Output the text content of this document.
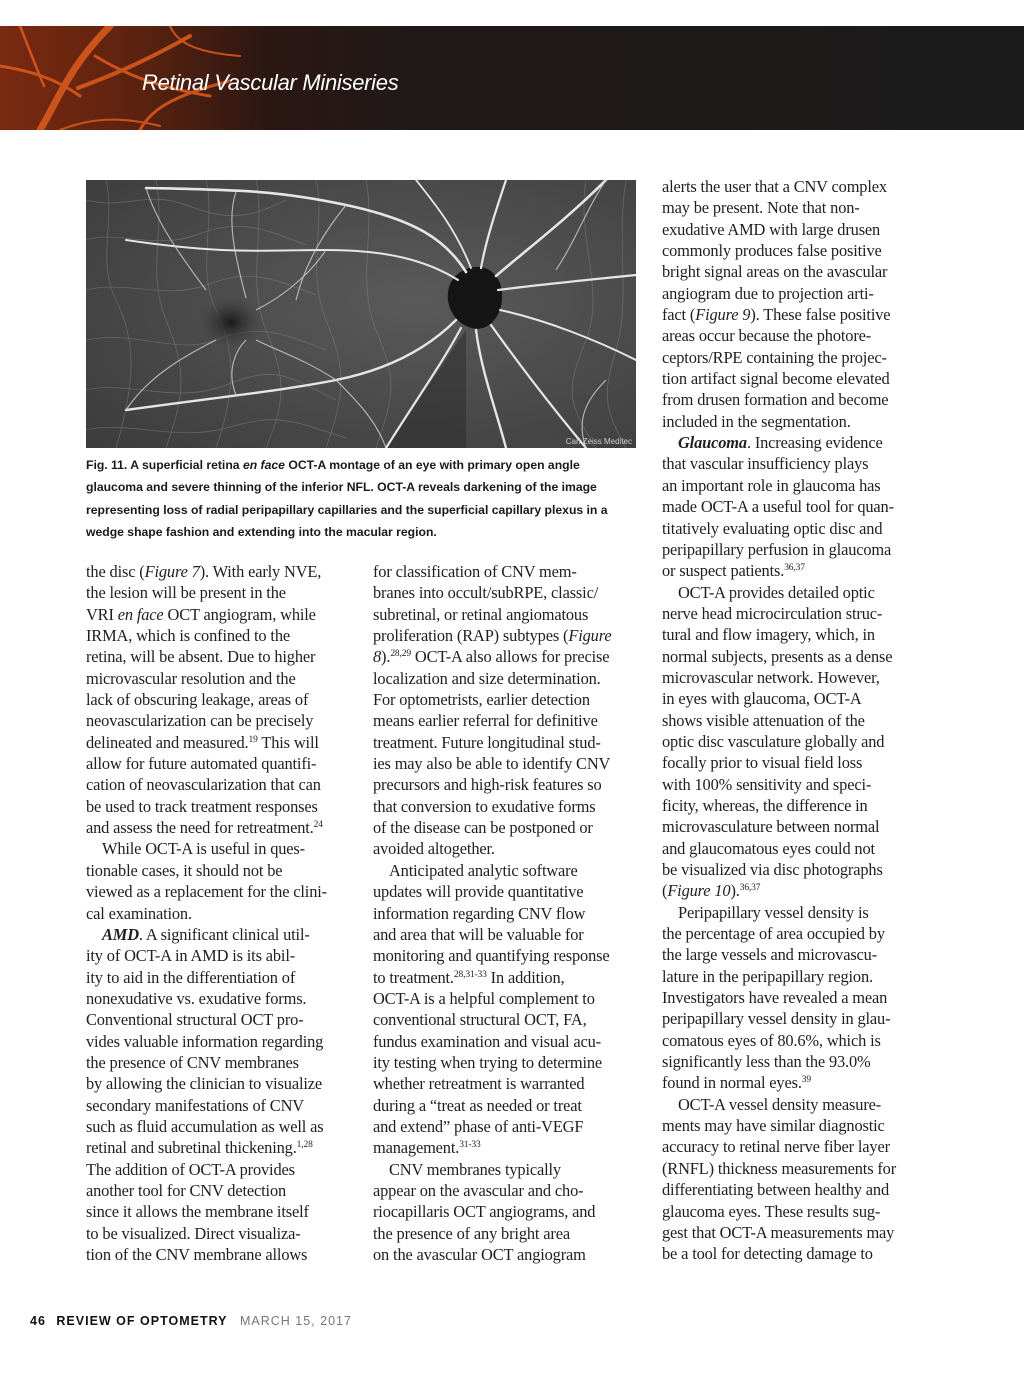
Retinal Vascular Miniseries
Carl Zeiss Meditec
Fig. 11. A superficial retina en face OCT-A montage of an eye with primary open angle glaucoma and severe thinning of the inferior NFL. OCT-A reveals darkening of the image representing loss of radial peripapillary capillaries and the superficial capillary plexus in a wedge shape fashion and extending into the macular region.
the disc (Figure 7). With early NVE,
the lesion will be present in the
VRI en face OCT angiogram, while
IRMA, which is confined to the
retina, will be absent. Due to higher
microvascular resolution and the
lack of obscuring leakage, areas of
neovascularization can be precisely
delineated and measured.$^{19}$ This will
allow for future automated quantifi-
cation of neovascularization that can
be used to track treatment responses
and assess the need for retreatment.$^{24}$
While OCT-A is useful in ques-
tionable cases, it should not be
viewed as a replacement for the clini-
cal examination.
AMD. A significant clinical util-
ity of OCT-A in AMD is its abil-
ity to aid in the differentiation of
nonexudative vs. exudative forms.
Conventional structural OCT pro-
vides valuable information regarding
the presence of CNV membranes
by allowing the clinician to visualize
secondary manifestations of CNV
such as fluid accumulation as well as
retinal and subretinal thickening.$^{1,28}$
The addition of OCT-A provides
another tool for CNV detection
since it allows the membrane itself
to be visualized. Direct visualiza-
tion of the CNV membrane allows
for classification of CNV mem-
branes into occult/subRPE, classic/
subretinal, or retinal angiomatous
proliferation (RAP) subtypes (Figure
8).$^{28,29}$ OCT-A also allows for precise
localization and size determination.
For optometrists, earlier detection
means earlier referral for definitive
treatment. Future longitudinal stud-
ies may also be able to identify CNV
precursors and high-risk features so
that conversion to exudative forms
of the disease can be postponed or
avoided altogether.
Anticipated analytic software
updates will provide quantitative
information regarding CNV flow
and area that will be valuable for
monitoring and quantifying response
to treatment.$^{28,31-33}$ In addition,
OCT-A is a helpful complement to
conventional structural OCT, FA,
fundus examination and visual acu-
ity testing when trying to determine
whether retreatment is warranted
during a “treat as needed or treat
and extend” phase of anti-VEGF
management.$^{31-33}$
CNV membranes typically
appear on the avascular and cho-
riocapillaris OCT angiograms, and
the presence of any bright area
on the avascular OCT angiogram
alerts the user that a CNV complex
may be present. Note that non-
exudative AMD with large drusen
commonly produces false positive
bright signal areas on the avascular
angiogram due to projection arti-
fact (Figure 9). These false positive
areas occur because the photore-
ceptors/RPE containing the projec-
tion artifact signal become elevated
from drusen formation and become
included in the segmentation.
Glaucoma. Increasing evidence
that vascular insufficiency plays
an important role in glaucoma has
made OCT-A a useful tool for quan-
titatively evaluating optic disc and
peripapillary perfusion in glaucoma
or suspect patients.$^{36,37}$
OCT-A provides detailed optic
nerve head microcirculation struc-
tural and flow imagery, which, in
normal subjects, presents as a dense
microvascular network. However,
in eyes with glaucoma, OCT-A
shows visible attenuation of the
optic disc vasculature globally and
focally prior to visual field loss
with 100% sensitivity and speci-
ficity, whereas, the difference in
microvasculature between normal
and glaucomatous eyes could not
be visualized via disc photographs
(Figure 10).$^{36,37}$
Peripapillary vessel density is
the percentage of area occupied by
the large vessels and microvascu-
lature in the peripapillary region.
Investigators have revealed a mean
peripapillary vessel density in glau-
comatous eyes of 80.6%, which is
significantly less than the 93.0%
found in normal eyes.$^{39}$
OCT-A vessel density measure-
ments may have similar diagnostic
accuracy to retinal nerve fiber layer
(RNFL) thickness measurements for
differentiating between healthy and
glaucoma eyes. These results sug-
gest that OCT-A measurements may
be a tool for detecting damage to
46 REVIEW OF OPTOMETRY MARCH 15, 2017
